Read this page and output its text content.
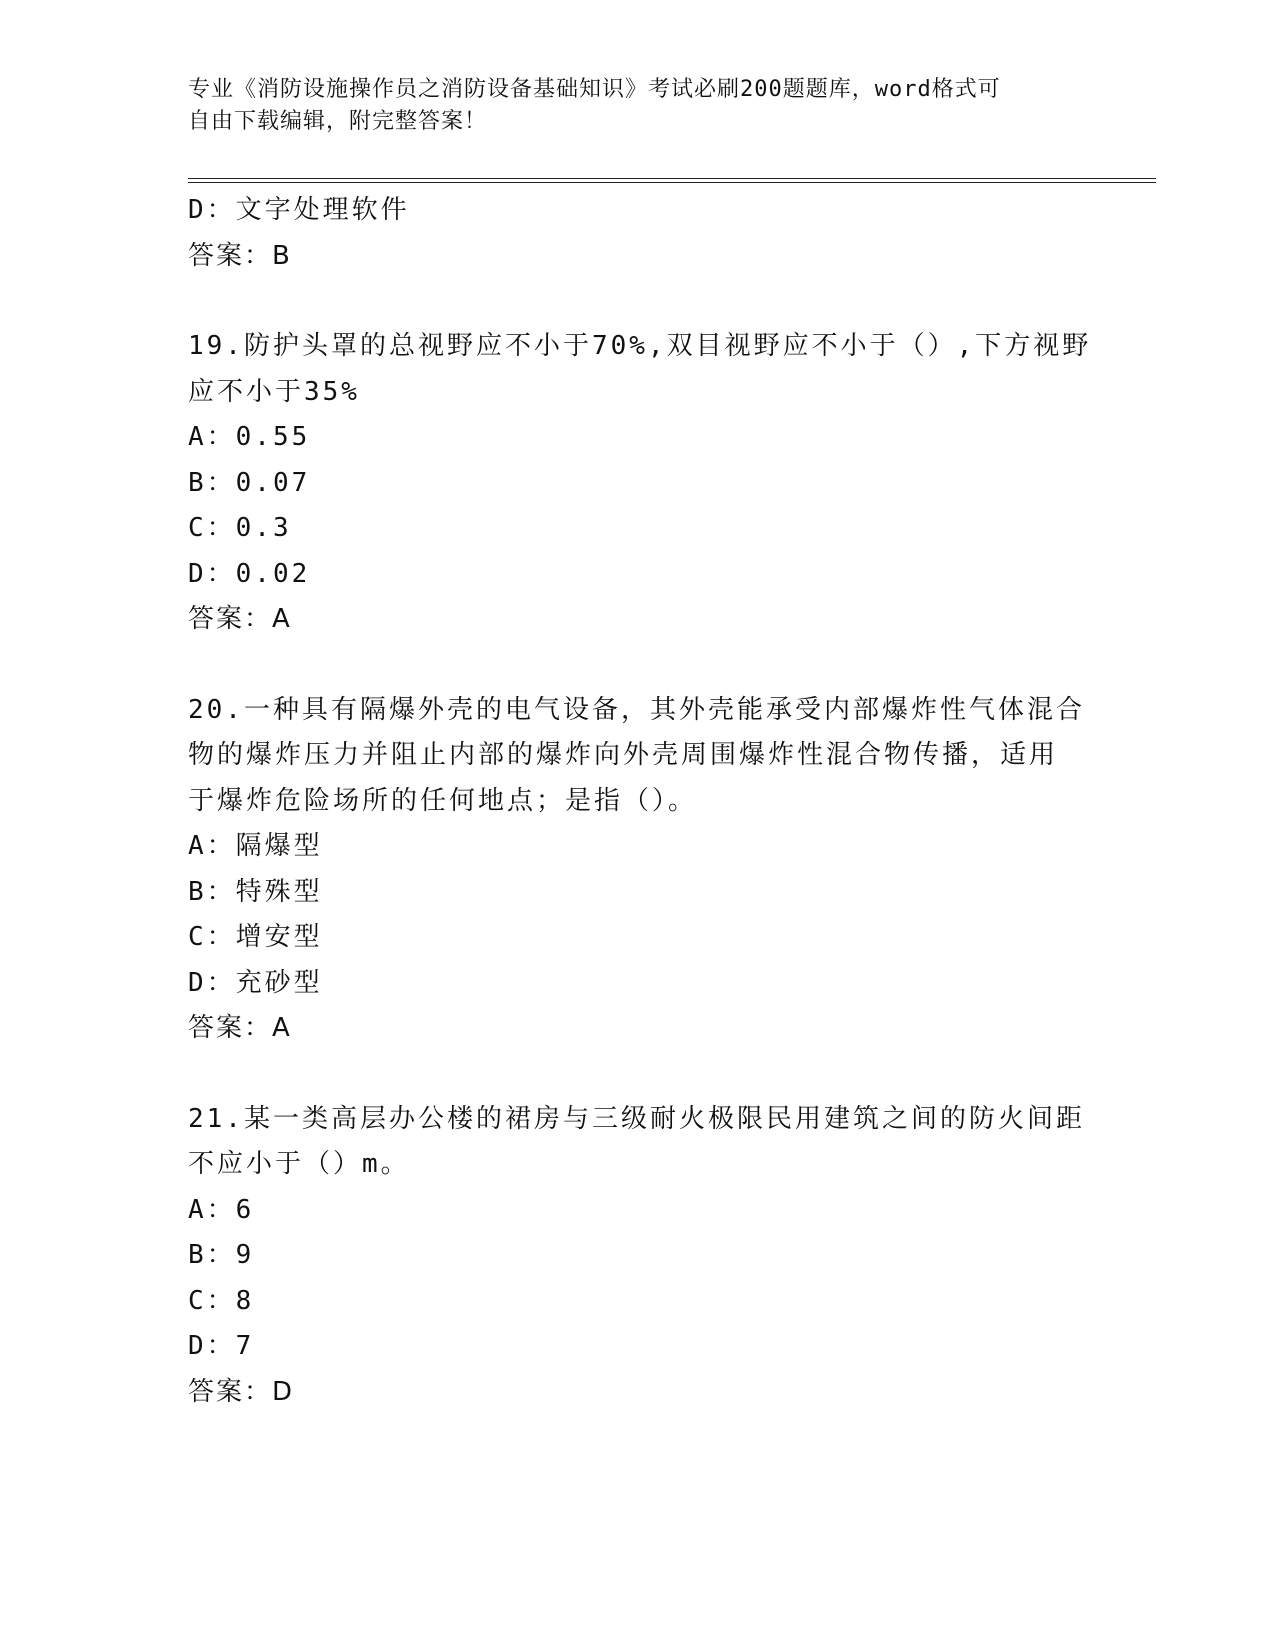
专业《消防设施操作员之消防设备基础知识》考试必刷200题题库，word格式可
自由下载编辑，附完整答案！
D：文字处理软件
答案：B
19.防护头罩的总视野应不小于70%,双目视野应不小于（）,下方视野
应不小于35%
A：0.55
B：0.07
C：0.3
D：0.02
答案：A
20.一种具有隔爆外壳的电气设备，其外壳能承受内部爆炸性气体混合
物的爆炸压力并阻止内部的爆炸向外壳周围爆炸性混合物传播，适用
于爆炸危险场所的任何地点；是指（）。
A：隔爆型
B：特殊型
C：增安型
D：充砂型
答案：A
21.某一类高层办公楼的裙房与三级耐火极限民用建筑之间的防火间距
不应小于（）m。
A：6
B：9
C：8
D：7
答案：D
